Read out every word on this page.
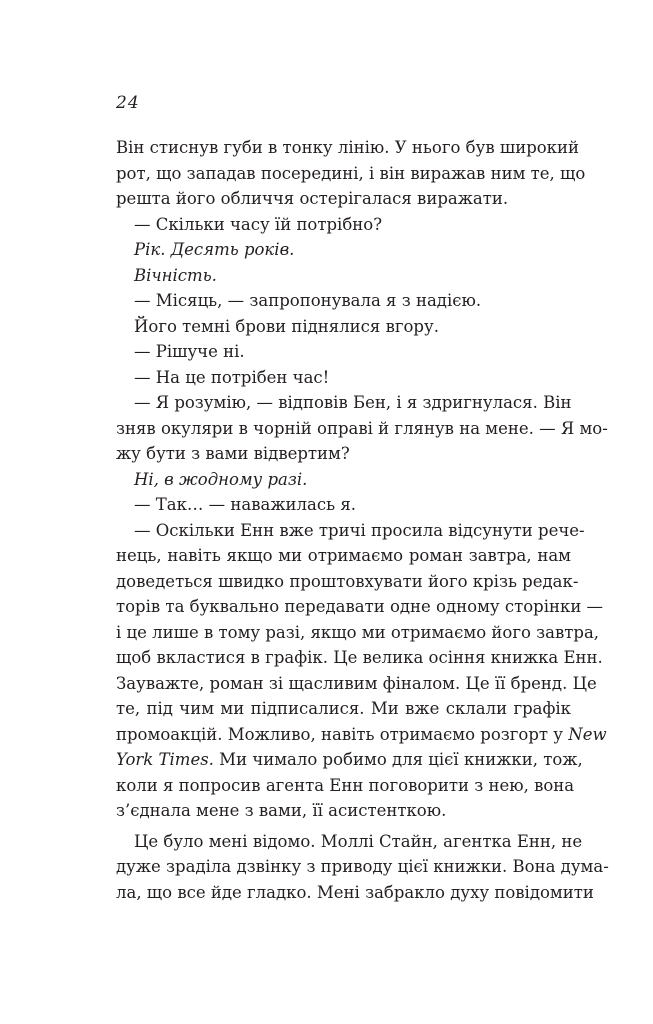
24
Він стиснув губи в тонку лінію. У нього був широкий
рот, що западав посередині, і він виражав ним те, що
решта його обличчя остерігалася виражати.
— Скільки часу їй потрібно?
Рік. Десять років.
Вічність.
— Місяць, — запропонувала я з надією.
Його темні брови піднялися вгору.
— Рішуче ні.
— На це потрібен час!
— Я розумію, — відповів Бен, і я здригнулася. Він
зняв окуляри в чорній оправі й глянув на мене. — Я мо-
жу бути з вами відвертим?
Ні, в жодному разі.
— Так… — наважилась я.
— Оскільки Енн вже тричі просила відсунути рече-
нець, навіть якщо ми отримаємо роман завтра, нам
доведеться швидко проштовхувати його крізь редак-
торів та буквально передавати одне одному сторінки —
і це лише в тому разі, якщо ми отримаємо його завтра,
щоб вкластися в графік. Це велика осіння книжка Енн.
Зауважте, роман зі щасливим фіналом. Це її бренд. Це
те, під чим ми підписалися. Ми вже склали графік
промоакцій. Можливо, навіть отримаємо розгорт у New
York Times. Ми чимало робимо для цієї книжки, тож,
коли я попросив агента Енн поговорити з нею, вона
з’єднала мене з вами, її асистенткою.
Це було мені відомо. Моллі Стайн, агентка Енн, не
дуже зраділа дзвінку з приводу цієї книжки. Вона дума-
ла, що все йде гладко. Мені забракло духу повідомити
